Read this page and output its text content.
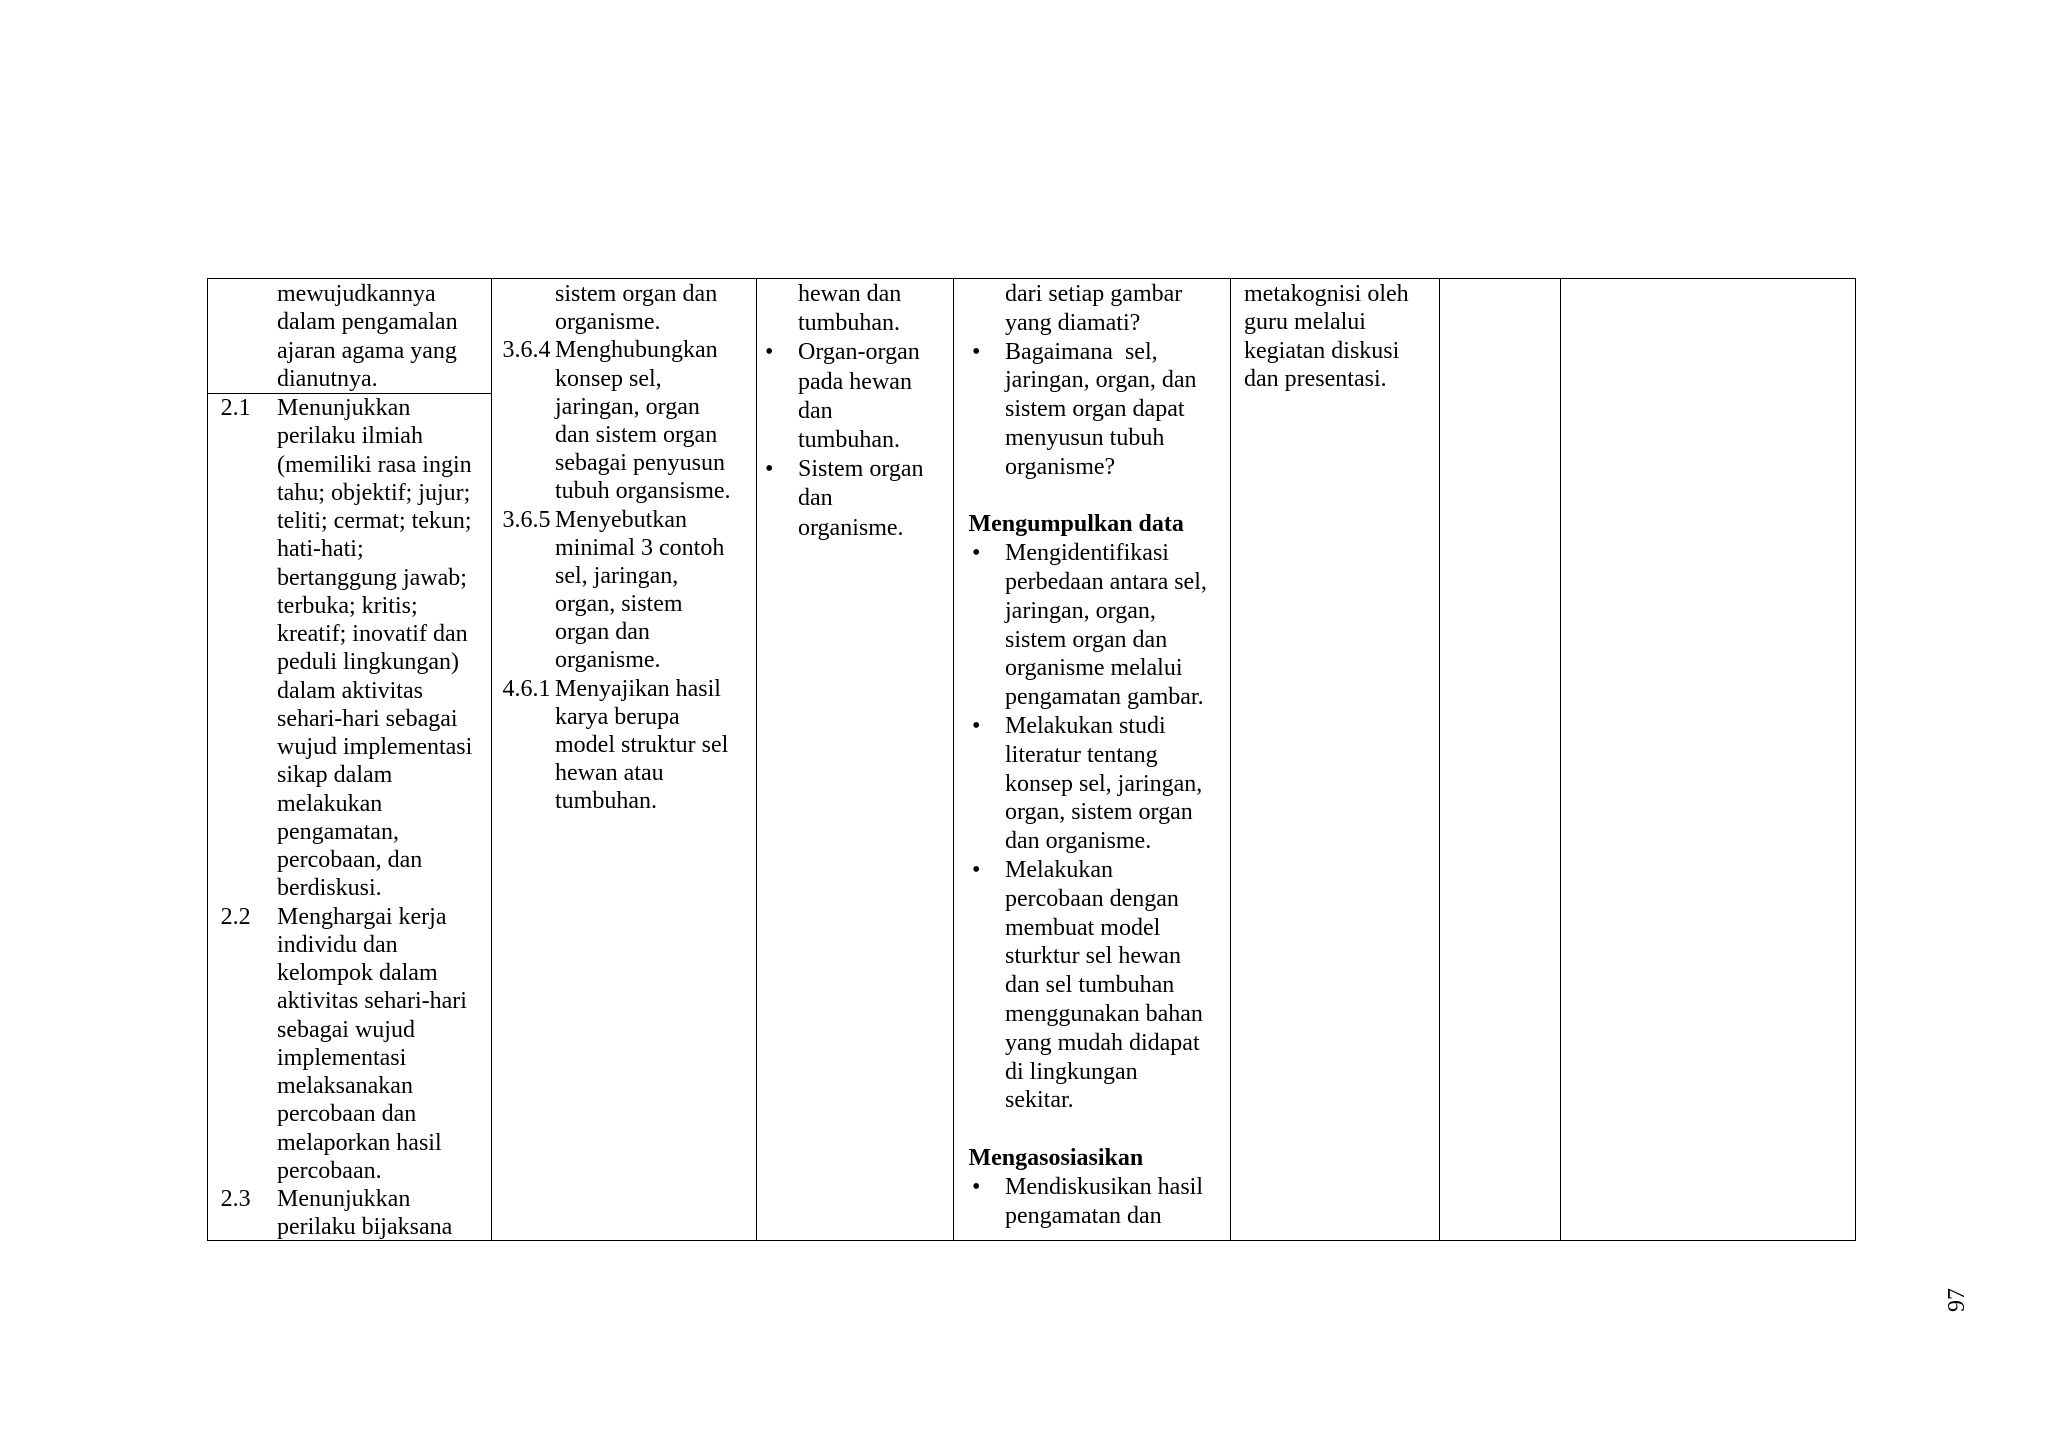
mewujudkannya
dalam pengamalan
ajaran agama yang
dianutnya.
2.1 Menunjukkan
perilaku ilmiah
(memiliki rasa ingin
tahu; objektif; jujur;
teliti; cermat; tekun;
hati-hati;
bertanggung jawab;
terbuka; kritis;
kreatif; inovatif dan
peduli lingkungan)
dalam aktivitas
sehari-hari sebagai
wujud implementasi
sikap dalam
melakukan
pengamatan,
percobaan, dan
berdiskusi.
2.2 Menghargai kerja
individu dan
kelompok dalam
aktivitas sehari-hari
sebagai wujud
implementasi
melaksanakan
percobaan dan
melaporkan hasil
percobaan.
2.3 Menunjukkan
perilaku bijaksana
sistem organ dan
organisme.
3.6.4 Menghubungkan
konsep sel,
jaringan, organ
dan sistem organ
sebagai penyusun
tubuh organsisme.
3.6.5 Menyebutkan
minimal 3 contoh
sel, jaringan,
organ, sistem
organ dan
organisme.
4.6.1 Menyajikan hasil
karya berupa
model struktur sel
hewan atau
tumbuhan.
hewan dan
tumbuhan.
•
Organ-organ
pada hewan
dan
tumbuhan.
•
Sistem organ
dan
organisme.
dari setiap gambar
yang diamati?
•
Bagaimana  sel,
jaringan, organ, dan
sistem organ dapat
menyusun tubuh
organisme?
Mengumpulkan data
•
Mengidentifikasi
perbedaan antara sel,
jaringan, organ,
sistem organ dan
organisme melalui
pengamatan gambar.
•
Melakukan studi
literatur tentang
konsep sel, jaringan,
organ, sistem organ
dan organisme.
•
Melakukan
percobaan dengan
membuat model
sturktur sel hewan
dan sel tumbuhan
menggunakan bahan
yang mudah didapat
di lingkungan
sekitar.
Mengasosiasikan
•
Mendiskusikan hasil
pengamatan dan
metakognisi oleh
guru melalui
kegiatan diskusi
dan presentasi.
97
